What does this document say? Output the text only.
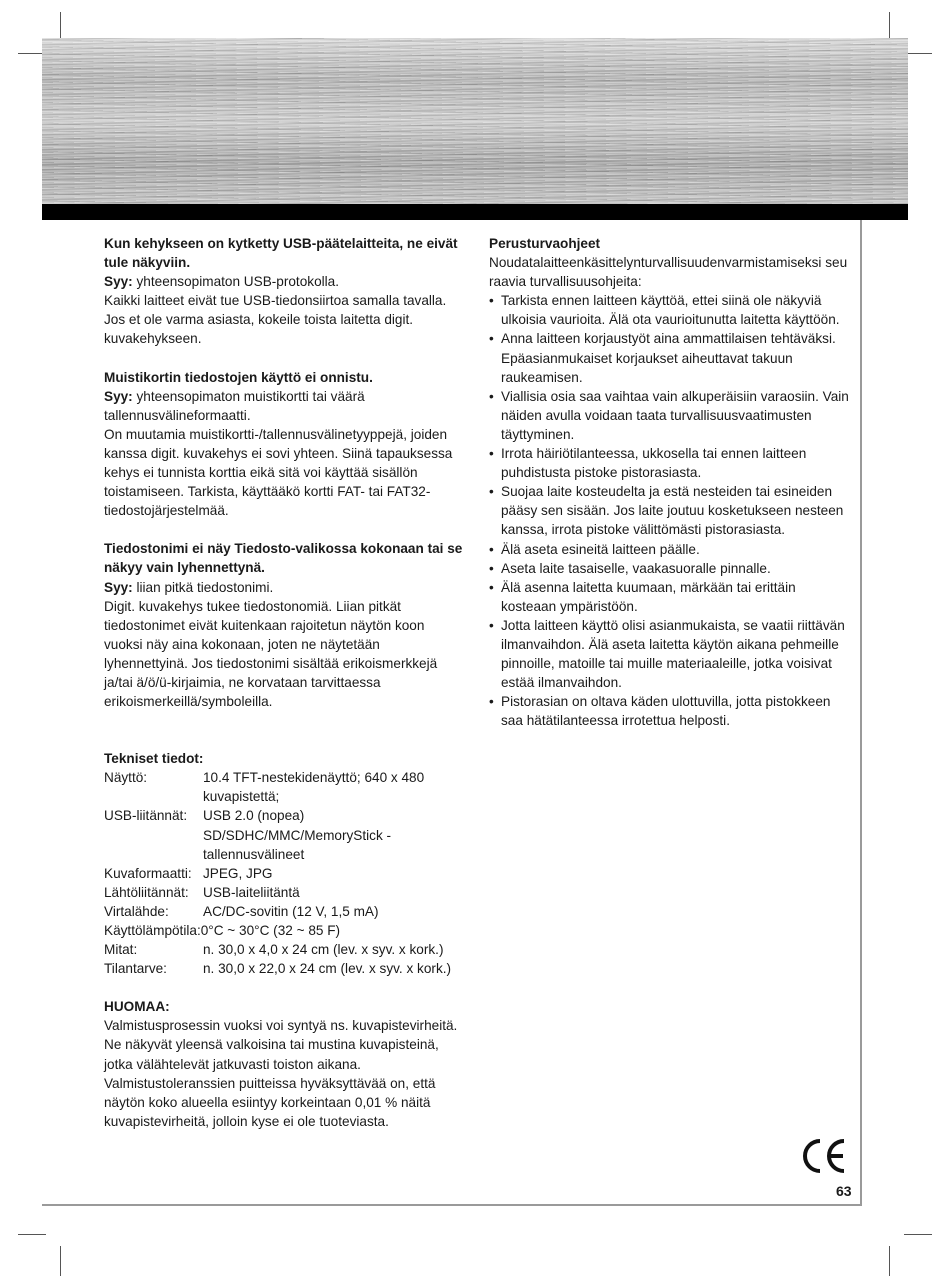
Kun kehykseen on kytketty USB-päätelaitteita, ne eivät tule näkyviin.

Syy: yhteensopimaton USB-protokolla.

Kaikki laitteet eivät tue USB-tiedonsiirtoa samalla tavalla. Jos et ole varma asiasta, kokeile toista laitetta digit. kuvakehykseen.

Muistikortin tiedostojen käyttö ei onnistu.

Syy: yhteensopimaton muistikortti tai väärä tallennusvälineformaatti.

On muutamia muistikortti-/tallennusvälinetyyppejä, joiden kanssa digit. kuvakehys ei sovi yhteen. Siinä tapauksessa kehys ei tunnista korttia eikä sitä voi käyttää sisällön toistamiseen. Tarkista, käyttääkö kortti FAT- tai FAT32-tiedostojärjestelmää.

Tiedostonimi ei näy Tiedosto-valikossa kokonaan tai se näkyy vain lyhennettynä.

Syy: liian pitkä tiedostonimi.

Digit. kuvakehys tukee tiedostonomiä. Liian pitkät tiedostonimet eivät kuitenkaan rajoitetun näytön koon vuoksi näy aina kokonaan, joten ne näytetään lyhennettyinä. Jos tiedostonimi sisältää erikoismerkkejä ja/tai ä/ö/ü-kirjaimia, ne korvataan tarvittaessa erikoismerkeillä/symboleilla.

Tekniset tiedot:

Näyttö:	10.4 TFT-nestekidenäyttö; 640 x 480
kuvapistettä;
USB-liitännät:	USB 2.0 (nopea)
SD/SDHC/MMC/MemoryStick -
tallennusvälineet
Kuvaformaatti: JPEG, JPG
Lähtöliitännät:	USB-laiteliitäntä
Virtalähde:	AC/DC-sovitin (12 V, 1,5 mA)
Käyttölämpötila: 0°C ~ 30°C (32 ~ 85 F)
Mitat:	n. 30,0 x 4,0 x 24 cm (lev. x syv. x kork.)
Tilantarve:	n. 30,0 x 22,0 x 24 cm (lev. x syv. x kork.)

HUOMAA:

Valmistusprosessin vuoksi voi syntyä ns. kuvapistevirheitä. Ne näkyvät yleensä valkoisina tai mustina kuvapisteinä, jotka välähtelevät jatkuvasti toiston aikana. Valmistustoleranssien puitteissa hyväksyttävää on, että näytön koko alueella esiintyy korkeintaan 0,01 % näitä kuvapistevirheitä, jolloin kyse ei ole tuoteviasta.

Perusturvaohjeet

Noudatalaitteenkäsittelynturvallisuudenvarmistamiseksi seuraavia turvallisuusohjeita:

• Tarkista ennen laitteen käyttöä, ettei siinä ole näkyviä ulkoisia vaurioita. Älä ota vaurioitunutta laitetta käyttöön.
• Anna laitteen korjaustyöt aina ammattilaisen tehtäväksi. Epäasianmukaiset korjaukset aiheuttavat takuun raukeamisen.
• Viallisia osia saa vaihtaa vain alkuperäisiin varaosiin. Vain näiden avulla voidaan taata turvallisuusvaatimusten täyttyminen.
• Irrota häiriötilanteessa, ukkosella tai ennen laitteen puhdistusta pistoke pistorasiasta.
• Suojaa laite kosteudelta ja estä nesteiden tai esineiden pääsy sen sisään. Jos laite joutuu kosketukseen nesteen kanssa, irrota pistoke välittömästi pistorasiasta.
• Älä aseta esineitä laitteen päälle.
• Aseta laite tasaiselle, vaakasuoralle pinnalle.
• Älä asenna laitetta kuumaan, märkään tai erittäin kosteaan ympäristöön.
• Jotta laitteen käyttö olisi asianmukaista, se vaatii riittävän ilmanvaihdon. Älä aseta laitetta käytön aikana pehmeille pinnoille, matoille tai muille materiaaleille, jotka voisivat estää ilmanvaihdon.
• Pistorasian on oltava käden ulottuvilla, jotta pistokkeen saa hätätilanteessa irrotettua helposti.
63
